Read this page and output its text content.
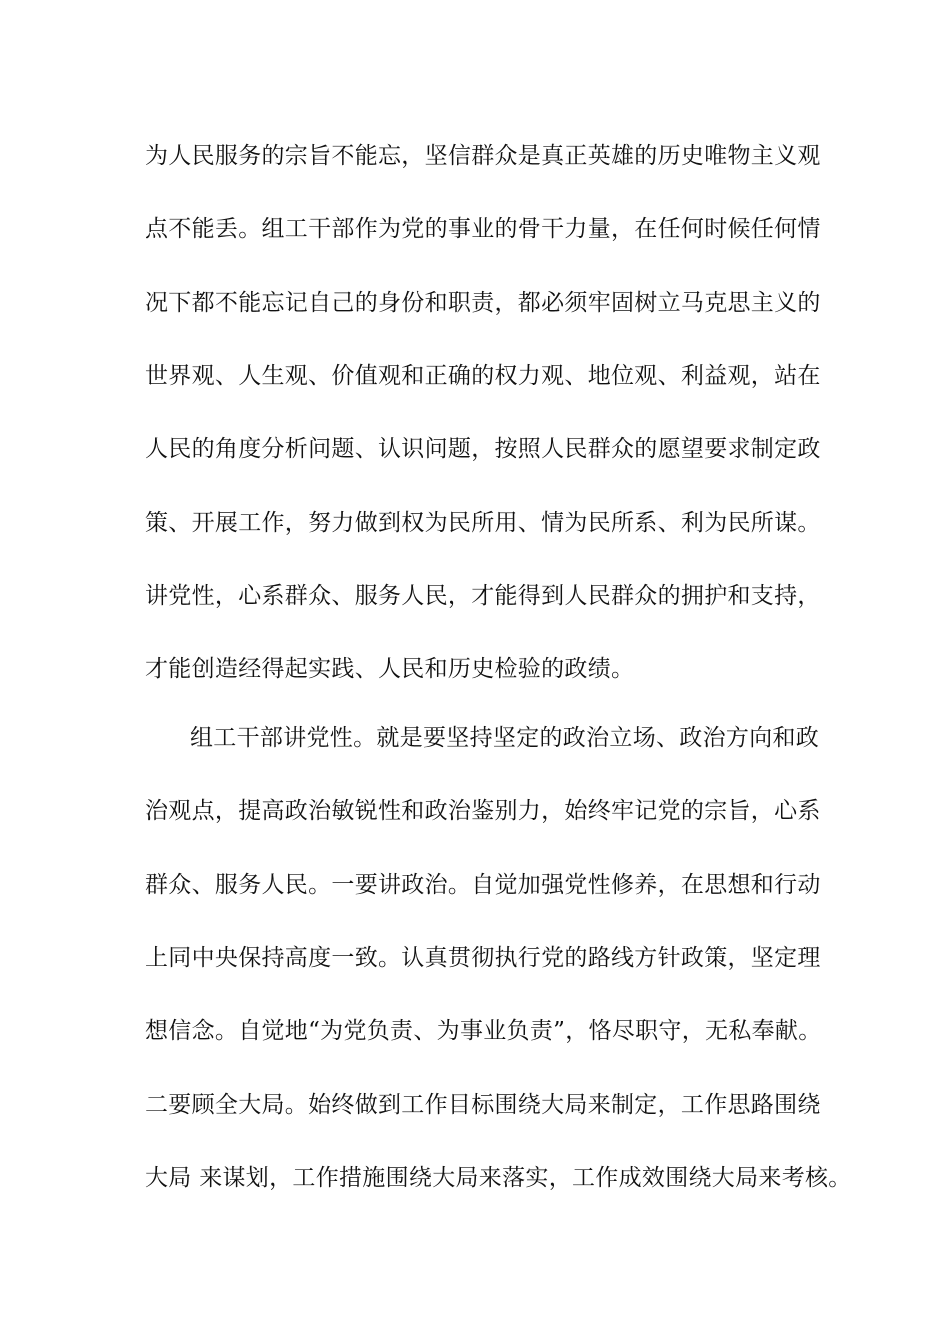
为人民服务的宗旨不能忘，坚信群众是真正英雄的历史唯物主义观
点不能丢。组工干部作为党的事业的骨干力量，在任何时候任何情
况下都不能忘记自己的身份和职责，都必须牢固树立马克思主义的
世界观、人生观、价值观和正确的权力观、地位观、利益观，站在
人民的角度分析问题、认识问题，按照人民群众的愿望要求制定政
策、开展工作，努力做到权为民所用、情为民所系、利为民所谋。
讲党性，心系群众、服务人民，才能得到人民群众的拥护和支持，
才能创造经得起实践、人民和历史检验的政绩。
组工干部讲党性。就是要坚持坚定的政治立场、政治方向和政
治观点，提高政治敏锐性和政治鉴别力，始终牢记党的宗旨，心系
群众、服务人民。一要讲政治。自觉加强党性修养，在思想和行动
上同中央保持高度一致。认真贯彻执行党的路线方针政策，坚定理
想信念。自觉地“为党负责、为事业负责”，恪尽职守，无私奉献。
二要顾全大局。始终做到工作目标围绕大局来制定，工作思路围绕
大局 来谋划，工作措施围绕大局来落实，工作成效围绕大局来考核。
